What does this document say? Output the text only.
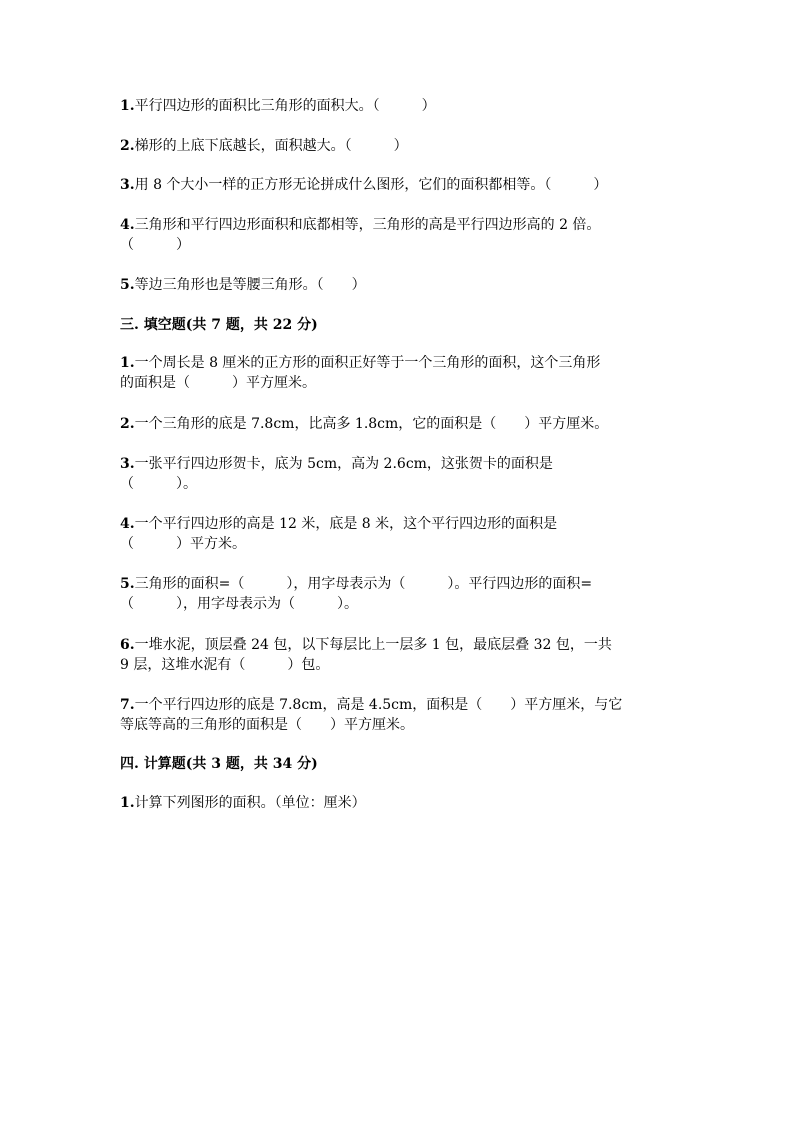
1.平行四边形的面积比三角形的面积大。（　　　）
2.梯形的上底下底越长，面积越大。（　　　）
3.用 8 个大小一样的正方形无论拼成什么图形，它们的面积都相等。（　　　）
4.三角形和平行四边形面积和底都相等，三角形的高是平行四边形高的 2 倍。
（　　　）
5.等边三角形也是等腰三角形。（　　）
三. 填空题(共 7 题，共 22 分)
1.一个周长是 8 厘米的正方形的面积正好等于一个三角形的面积，这个三角形
的面积是（　　　）平方厘米。
2.一个三角形的底是 7.8cm，比高多 1.8cm，它的面积是（　　）平方厘米。
3.一张平行四边形贺卡，底为 5cm，高为 2.6cm，这张贺卡的面积是
（　　　）。
4.一个平行四边形的高是 12 米，底是 8 米，这个平行四边形的面积是
（　　　）平方米。
5.三角形的面积=（　　　），用字母表示为（　　　）。平行四边形的面积=
（　　　），用字母表示为（　　　）。
6.一堆水泥，顶层叠 24 包，以下每层比上一层多 1 包，最底层叠 32 包，一共
9 层，这堆水泥有（　　　）包。
7.一个平行四边形的底是 7.8cm，高是 4.5cm，面积是（　　）平方厘米，与它
等底等高的三角形的面积是（　　）平方厘米。
四. 计算题(共 3 题，共 34 分)
1.计算下列图形的面积。（单位：厘米）
